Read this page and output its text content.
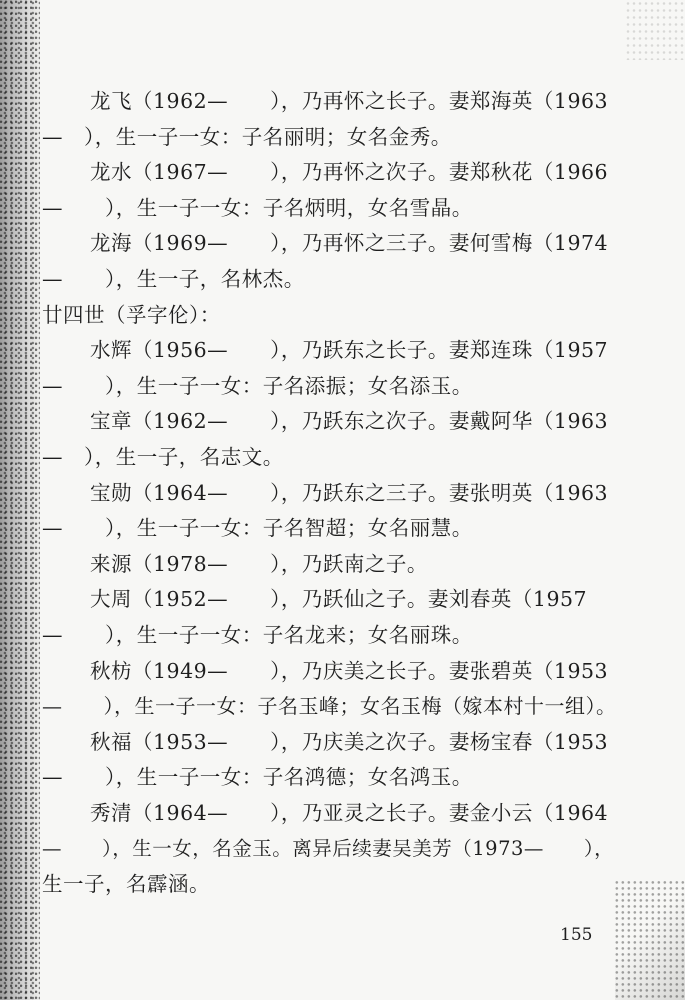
龙飞（1962—　　），乃再怀之长子。妻郑海英（1963
—　），生一子一女：子名丽明；女名金秀。
龙水（1967—　　），乃再怀之次子。妻郑秋花（1966
—　　），生一子一女：子名炳明，女名雪晶。
龙海（1969—　　），乃再怀之三子。妻何雪梅（1974
—　　），生一子，名林杰。
廿四世（孚字伦）：
水辉（1956—　　），乃跃东之长子。妻郑连珠（1957
—　　），生一子一女：子名添振；女名添玉。
宝章（1962—　　），乃跃东之次子。妻戴阿华（1963
—　），生一子，名志文。
宝勋（1964—　　），乃跃东之三子。妻张明英（1963
—　　），生一子一女：子名智超；女名丽慧。
来源（1978—　　），乃跃南之子。
大周（1952—　　），乃跃仙之子。妻刘春英（1957
—　　），生一子一女：子名龙来；女名丽珠。
秋枋（1949—　　），乃庆美之长子。妻张碧英（1953
—　　），生一子一女：子名玉峰；女名玉梅（嫁本村十一组）。
秋福（1953—　　），乃庆美之次子。妻杨宝春（1953
—　　），生一子一女：子名鸿德；女名鸿玉。
秀清（1964—　　），乃亚灵之长子。妻金小云（1964
—　　），生一女，名金玉。离异后续妻吴美芳（1973—　　），
生一子，名霹涵。
155
